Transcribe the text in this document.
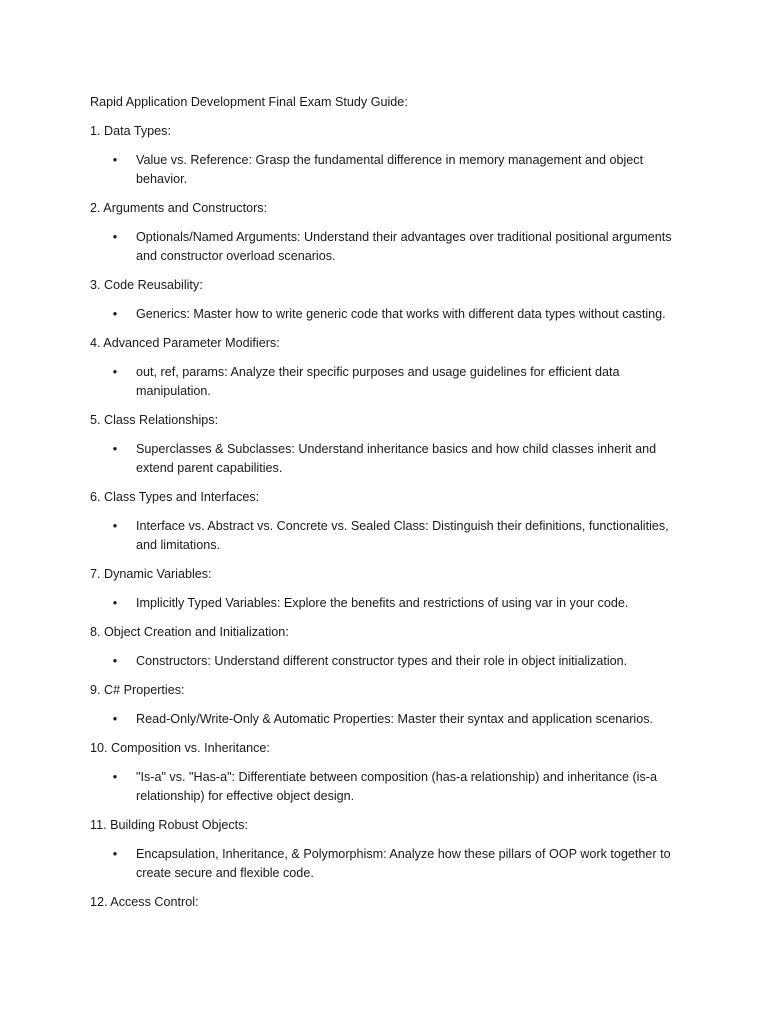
Rapid Application Development Final Exam Study Guide:

1. Data Types:

• Value vs. Reference: Grasp the fundamental difference in memory management and object behavior.

2. Arguments and Constructors:

• Optionals/Named Arguments: Understand their advantages over traditional positional arguments and constructor overload scenarios.

3. Code Reusability:

• Generics: Master how to write generic code that works with different data types without casting.

4. Advanced Parameter Modifiers:

• out, ref, params: Analyze their specific purposes and usage guidelines for efficient data manipulation.

5. Class Relationships:

• Superclasses & Subclasses: Understand inheritance basics and how child classes inherit and extend parent capabilities.

6. Class Types and Interfaces:

• Interface vs. Abstract vs. Concrete vs. Sealed Class: Distinguish their definitions, functionalities, and limitations.

7. Dynamic Variables:

• Implicitly Typed Variables: Explore the benefits and restrictions of using var in your code.

8. Object Creation and Initialization:

• Constructors: Understand different constructor types and their role in object initialization.

9. C# Properties:

• Read-Only/Write-Only & Automatic Properties: Master their syntax and application scenarios.

10. Composition vs. Inheritance:

• "Is-a" vs. "Has-a": Differentiate between composition (has-a relationship) and inheritance (is-a relationship) for effective object design.

11. Building Robust Objects:

• Encapsulation, Inheritance, & Polymorphism: Analyze how these pillars of OOP work together to create secure and flexible code.

12. Access Control:
